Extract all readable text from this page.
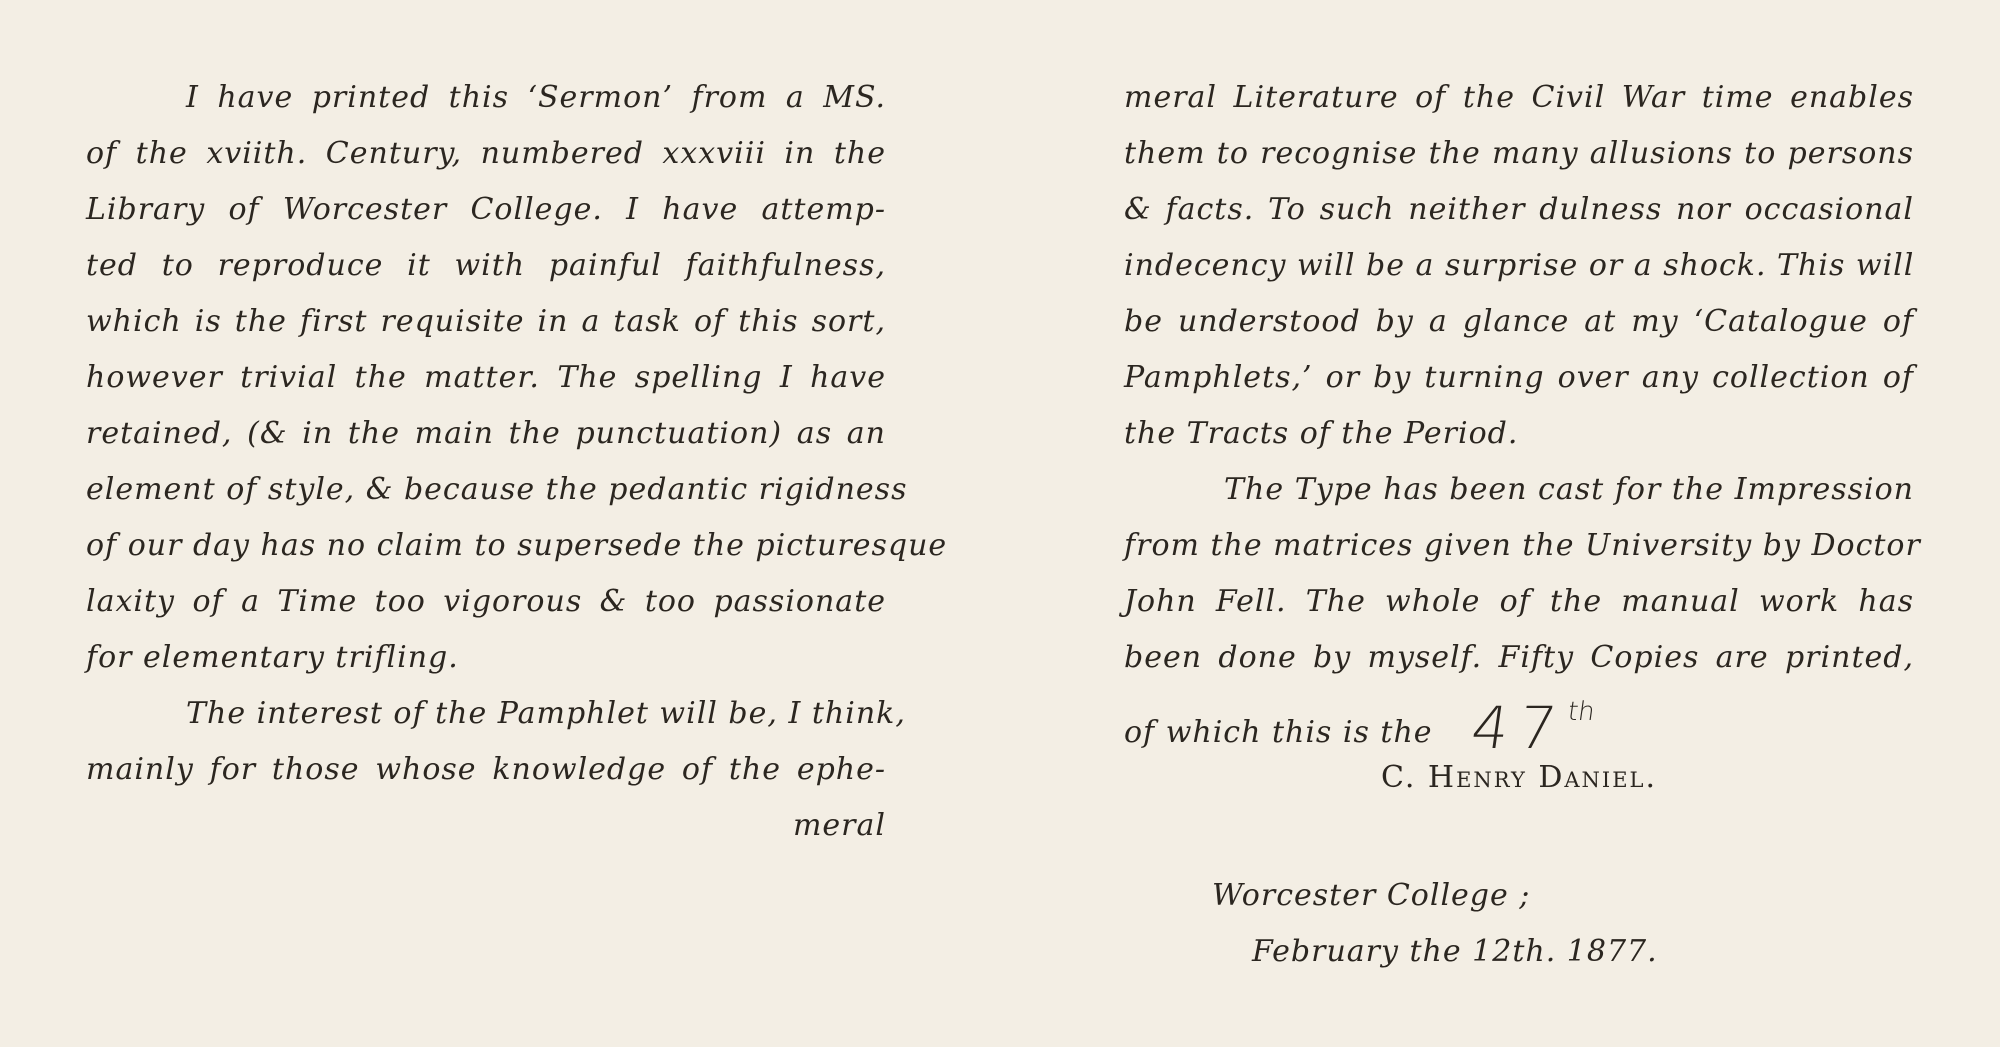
I have printed this ‘Sermon’ from a MS.
of the xviith. Century, numbered xxxviii in the
Library of Worcester College. I have attemp-
ted to reproduce it with painful faithfulness,
which is the first requisite in a task of this sort,
however trivial the matter. The spelling I have
retained, (& in the main the punctuation) as an
element of style, & because the pedantic rigidness
of our day has no claim to supersede the picturesque
laxity of a Time too vigorous & too passionate
for elementary trifling.
The interest of the Pamphlet will be, I think,
mainly for those whose knowledge of the ephe-
meral
meral Literature of the Civil War time enables
them to recognise the many allusions to persons
& facts. To such neither dulness nor occasional
indecency will be a surprise or a shock. This will
be understood by a glance at my ‘Catalogue of
Pamphlets,’ or by turning over any collection of
the Tracts of the Period.
The Type has been cast for the Impression
from the matrices given the University by Doctor
John Fell. The whole of the manual work has
been done by myself. Fifty Copies are printed,
of which this is the 47th
C. Henry Daniel.
Worcester College ;
February the 12th. 1877.
